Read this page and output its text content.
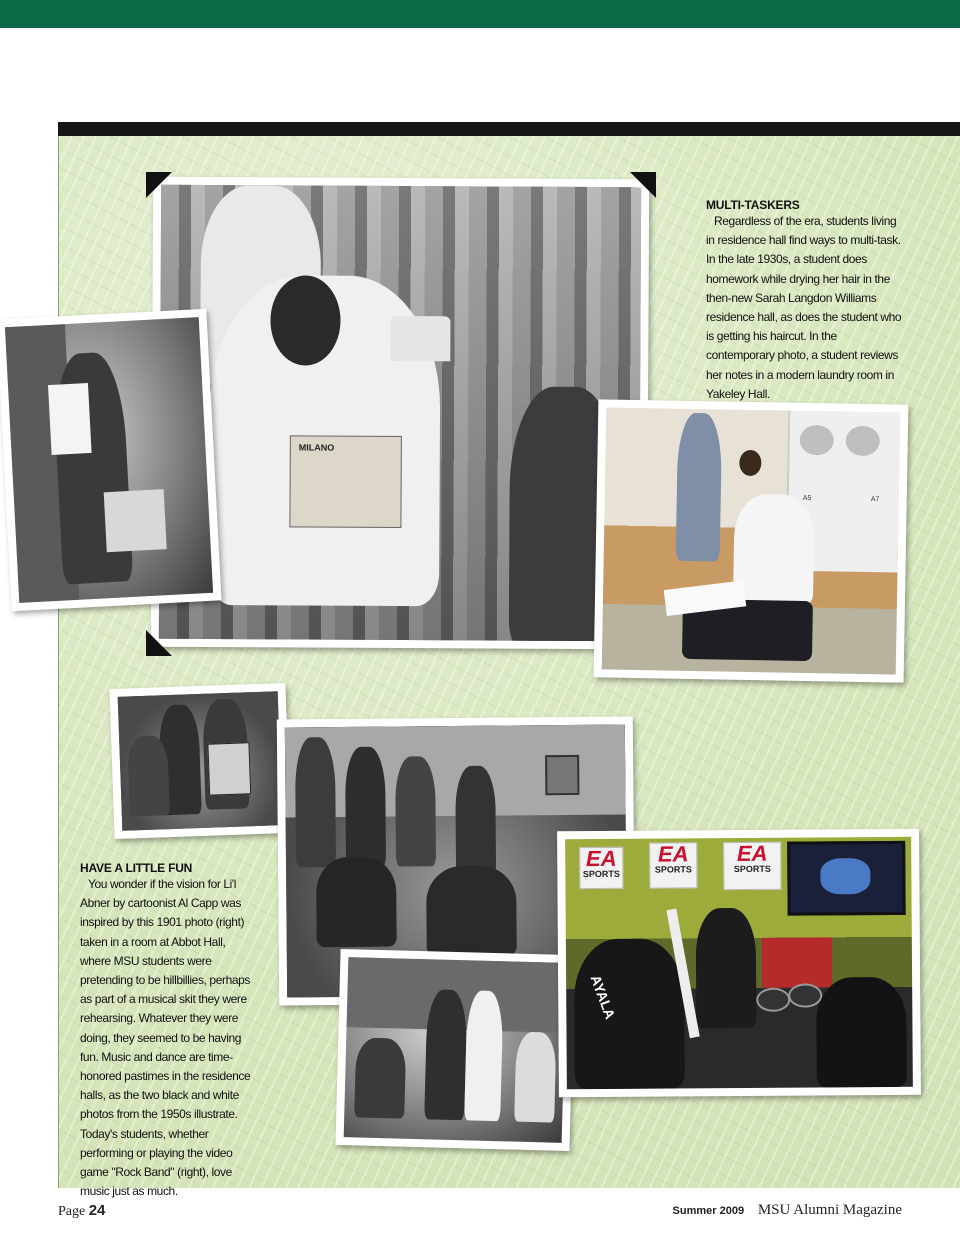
MILANO
MULTI-TASKERS
Regardless of the era, students living in residence hall find ways to multi-task. In the late 1930s, a student does homework while drying her hair in the then-new Sarah Langdon Williams residence hall, as does the student who is getting his haircut. In the contemporary photo, a student reviews her notes in a modern laundry room in Yakeley Hall.
A5	A7
HAVE A LITTLE FUN
You wonder if the vision for Li'l Abner by cartoonist Al Capp was inspired by this 1901 photo (right) taken in a room at Abbot Hall, where MSU students were pretending to be hillbillies, perhaps as part of a musical skit they were rehearsing. Whatever they were doing, they seemed to be having fun. Music and dance are time-honored pastimes in the residence halls, as the two black and white photos from the 1950s illustrate. Today's students, whether performing or playing the video game "Rock Band" (right), love music just as much.
EA
SPORTS
EA
SPORTS
EA
SPORTS
AYALA
Page 24	Summer 2009 MSU Alumni Magazine
